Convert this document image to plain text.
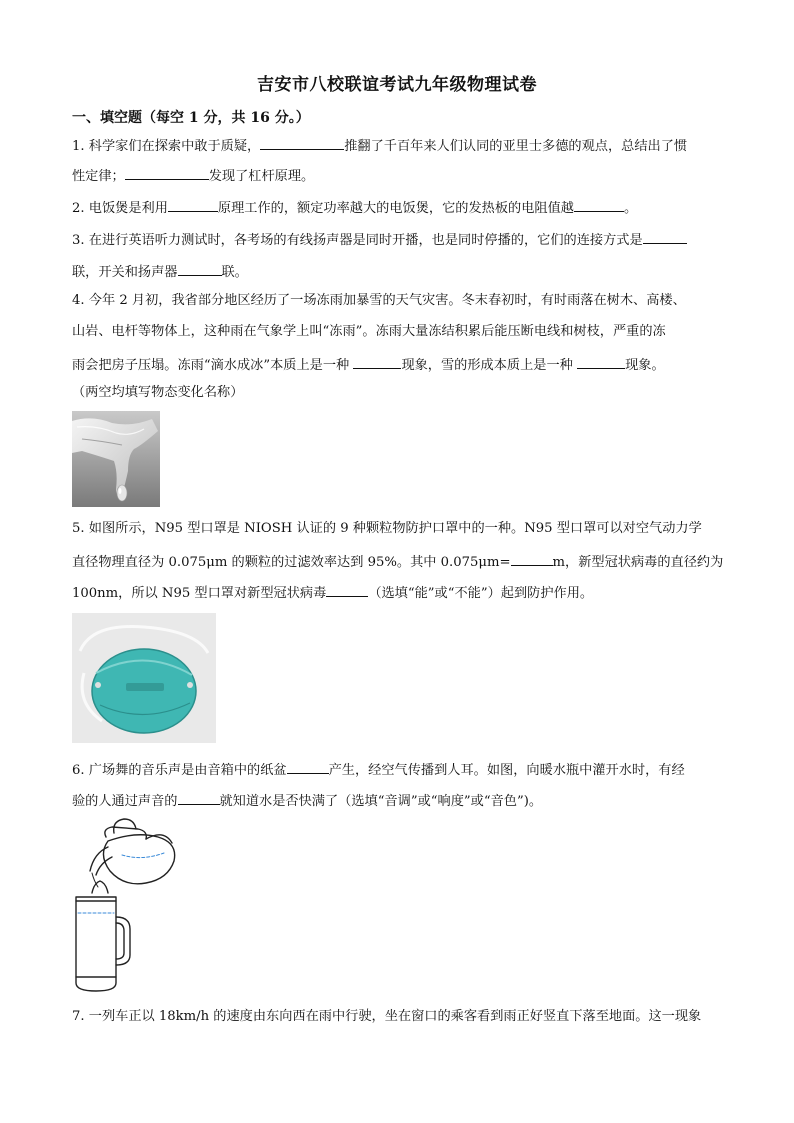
吉安市八校联谊考试九年级物理试卷
一、填空题（每空 1 分，共 16 分。）
1. 科学家们在探索中敢于质疑，	推翻了千百年来人们认同的亚里士多德的观点，总结出了惯
性定律；	发现了杠杆原理。
2. 电饭煲是利用	原理工作的，额定功率越大的电饭煲，它的发热板的电阻值越	。
3. 在进行英语听力测试时，各考场的有线扬声器是同时开播，也是同时停播的，它们的连接方式是
联，开关和扬声器	联。
4. 今年 2 月初，我省部分地区经历了一场冻雨加暴雪的天气灾害。冬末春初时，有时雨落在树木、高楼、
山岩、电杆等物体上，这种雨在气象学上叫“冻雨”。冻雨大量冻结积累后能压断电线和树枝，严重的冻
雨会把房子压塌。冻雨“滴水成冰”本质上是一种	现象，雪的形成本质上是一种	现象。
（两空均填写物态变化名称）
5. 如图所示，N95 型口罩是 NIOSH 认证的 9 种颗粒物防护口罩中的一种。N95 型口罩可以对空气动力学
直径物理直径为 0.075μm 的颗粒的过滤效率达到 95%。其中 0.075μm=	m，新型冠状病毒的直径约为
100nm，所以 N95 型口罩对新型冠状病毒	（选填“能”或“不能”）起到防护作用。
6. 广场舞的音乐声是由音箱中的纸盆	产生，经空气传播到人耳。如图，向暖水瓶中灌开水时，有经
验的人通过声音的	就知道水是否快满了（选填“音调”或“响度”或“音色”)。
7. 一列车正以 18km/h 的速度由东向西在雨中行驶，坐在窗口的乘客看到雨正好竖直下落至地面。这一现象
